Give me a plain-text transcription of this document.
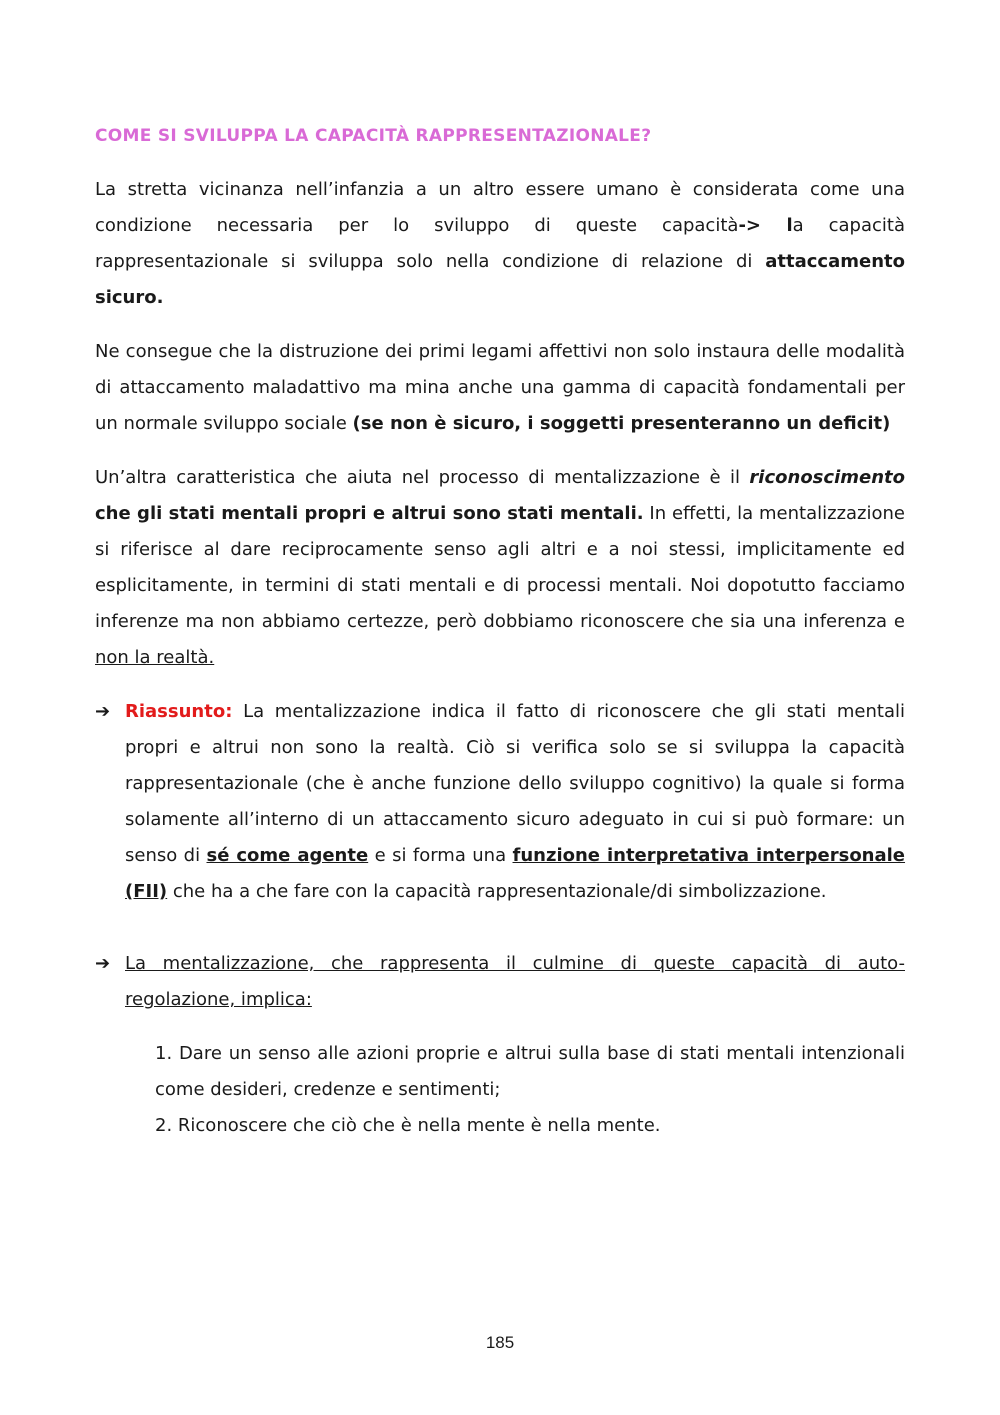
COME SI SVILUPPA LA CAPACITÀ RAPPRESENTAZIONALE?

La stretta vicinanza nell’infanzia a un altro essere umano è considerata come una condizione necessaria per lo sviluppo di queste capacità-> la capacità rappresentazionale si sviluppa solo nella condizione di relazione di attaccamento sicuro.

Ne consegue che la distruzione dei primi legami affettivi non solo instaura delle modalità di attaccamento maladattivo ma mina anche una gamma di capacità fondamentali per un normale sviluppo sociale (se non è sicuro, i soggetti presenteranno un deficit)

Un’altra caratteristica che aiuta nel processo di mentalizzazione è il riconoscimento che gli stati mentali propri e altrui sono stati mentali. In effetti, la mentalizzazione si riferisce al dare reciprocamente senso agli altri e a noi stessi, implicitamente ed esplicitamente, in termini di stati mentali e di processi mentali. Noi dopotutto facciamo inferenze ma non abbiamo certezze, però dobbiamo riconoscere che sia una inferenza e non la realtà.

➔ Riassunto: La mentalizzazione indica il fatto di riconoscere che gli stati mentali propri e altrui non sono la realtà. Ciò si verifica solo se si sviluppa la capacità rappresentazionale (che è anche funzione dello sviluppo cognitivo) la quale si forma solamente all’interno di un attaccamento sicuro adeguato in cui si può formare: un senso di sé come agente e si forma una funzione interpretativa interpersonale (FII) che ha a che fare con la capacità rappresentazionale/di simbolizzazione.
➔ La mentalizzazione, che rappresenta il culmine di queste capacità di auto-regolazione, implica:
1. Dare un senso alle azioni proprie e altrui sulla base di stati mentali intenzionali come desideri, credenze e sentimenti;
2. Riconoscere che ciò che è nella mente è nella mente.
185
